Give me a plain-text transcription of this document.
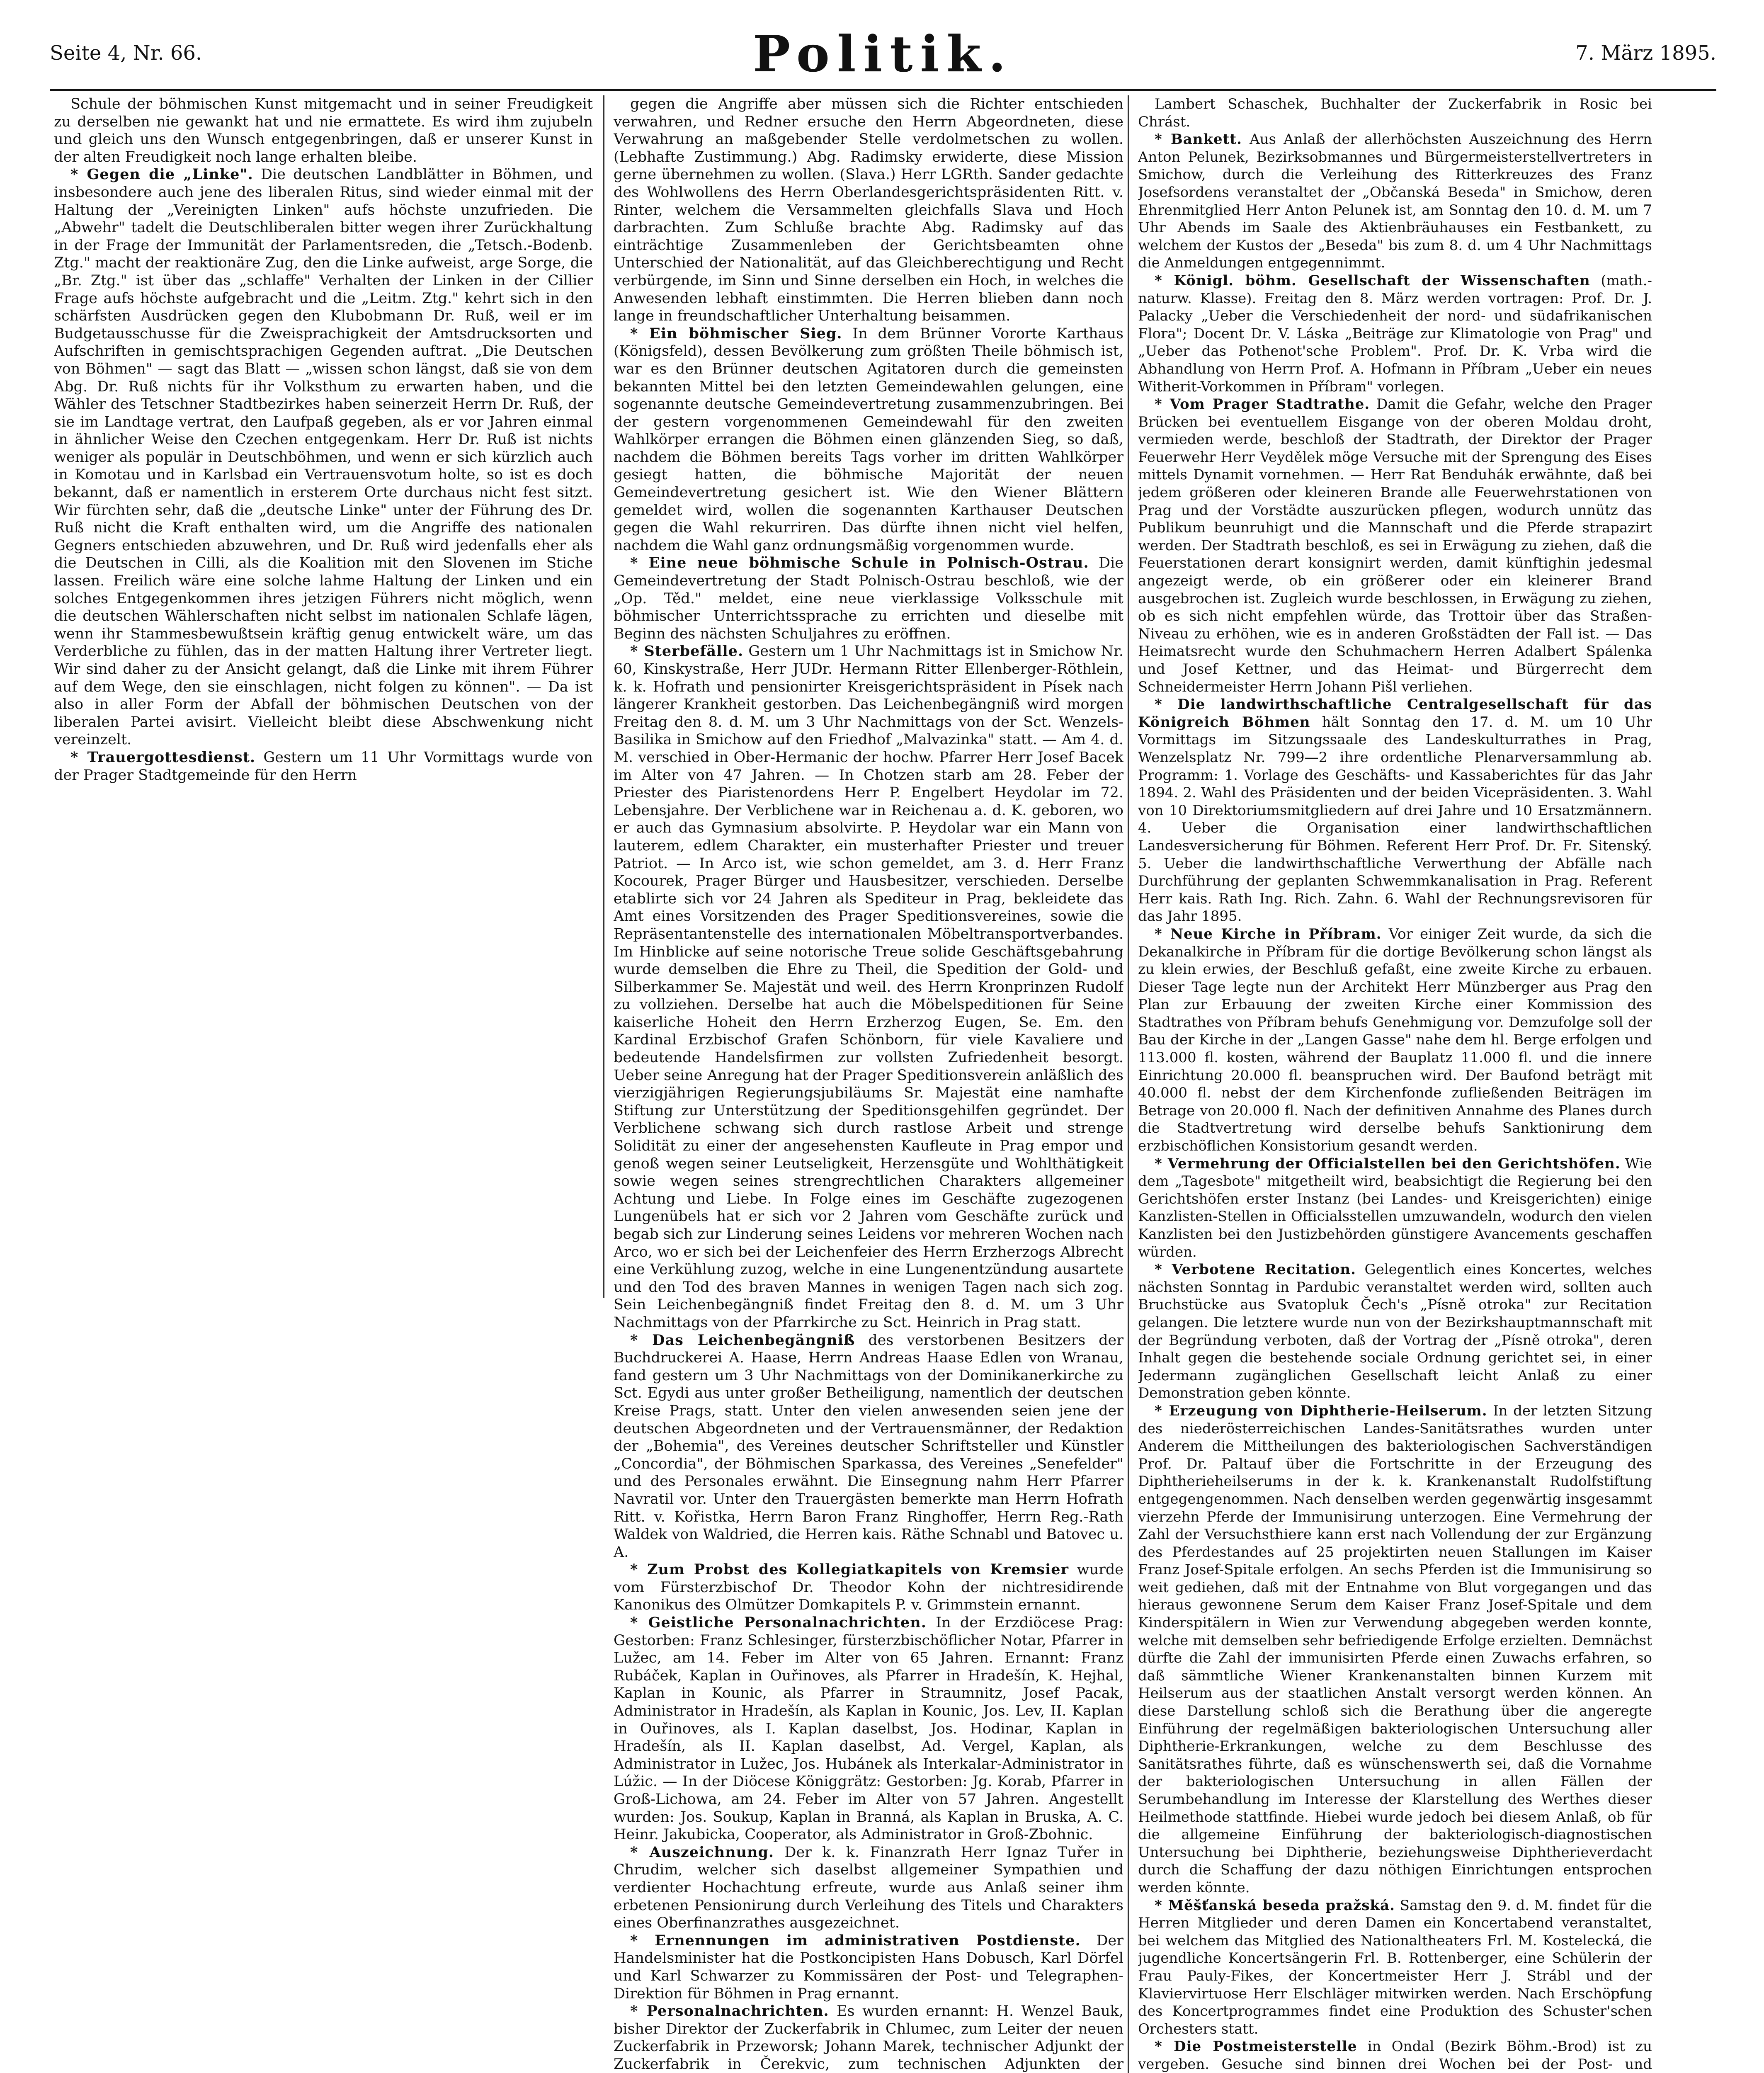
Seite 4, Nr. 66.	Politik.	7. März 1895.

Schule der böhmischen Kunst mitgemacht und in seiner Freudigkeit zu derselben nie gewankt hat und nie ermattete. Es wird ihm zujubeln und gleich uns den Wunsch entgegenbringen, daß er unserer Kunst in der alten Freudigkeit noch lange erhalten bleibe.

* Gegen die „Linke". Die deutschen Landblätter in Böhmen, und insbesondere auch jene des liberalen Ritus, sind wieder einmal mit der Haltung der „Vereinigten Linken" aufs höchste unzufrieden. Die „Abwehr" tadelt die Deutschliberalen bitter wegen ihrer Zurückhaltung in der Frage der Immunität der Parlamentsreden, die „Tetsch.-Bodenb. Ztg." macht der reaktionäre Zug, den die Linke aufweist, arge Sorge, die „Br. Ztg." ist über das „schlaffe" Verhalten der Linken in der Cillier Frage aufs höchste aufgebracht und die „Leitm. Ztg." kehrt sich in den schärfsten Ausdrücken gegen den Klubobmann Dr. Ruß, weil er im Budgetausschusse für die Zweisprachigkeit der Amtsdrucksorten und Aufschriften in gemischtsprachigen Gegenden auftrat. „Die Deutschen von Böhmen" — sagt das Blatt — „wissen schon längst, daß sie von dem Abg. Dr. Ruß nichts für ihr Volksthum zu erwarten haben, und die Wähler des Tetschner Stadtbezirkes haben seinerzeit Herrn Dr. Ruß, der sie im Landtage vertrat, den Laufpaß gegeben, als er vor Jahren einmal in ähnlicher Weise den Czechen entgegenkam. Herr Dr. Ruß ist nichts weniger als populär in Deutschböhmen, und wenn er sich kürzlich auch in Komotau und in Karlsbad ein Vertrauensvotum holte, so ist es doch bekannt, daß er namentlich in ersterem Orte durchaus nicht fest sitzt. Wir fürchten sehr, daß die „deutsche Linke" unter der Führung des Dr. Ruß nicht die Kraft enthalten wird, um die Angriffe des nationalen Gegners entschieden abzuwehren, und Dr. Ruß wird jedenfalls eher als die Deutschen in Cilli, als die Koalition mit den Slovenen im Stiche lassen. Freilich wäre eine solche lahme Haltung der Linken und ein solches Entgegenkommen ihres jetzigen Führers nicht möglich, wenn die deutschen Wählerschaften nicht selbst im nationalen Schlafe lägen, wenn ihr Stammesbewußtsein kräftig genug entwickelt wäre, um das Verderbliche zu fühlen, das in der matten Haltung ihrer Vertreter liegt. Wir sind daher zu der Ansicht gelangt, daß die Linke mit ihrem Führer auf dem Wege, den sie einschlagen, nicht folgen zu können". — Da ist also in aller Form der Abfall der böhmischen Deutschen von der liberalen Partei avisirt. Vielleicht bleibt diese Abschwenkung nicht vereinzelt.

* Trauergottesdienst. Gestern um 11 Uhr Vormittags wurde von der Prager Stadtgemeinde für den Herrn

gegen die Angriffe aber müssen sich die Richter entschieden verwahren, und Redner ersuche den Herrn Abgeordneten, diese Verwahrung an maßgebender Stelle verdolmetschen zu wollen. (Lebhafte Zustimmung.) Abg. Radimsky erwiderte, diese Mission gerne übernehmen zu wollen. (Slava.) Herr LGRth. Sander gedachte des Wohlwollens des Herrn Oberlandesgerichtspräsidenten Ritt. v. Rinter, welchem die Versammelten gleichfalls Slava und Hoch darbrachten. Zum Schluße brachte Abg. Radimsky auf das einträchtige Zusammenleben der Gerichtsbeamten ohne Unterschied der Nationalität, auf das Gleichberechtigung und Recht verbürgende, im Sinn und Sinne derselben ein Hoch, in welches die Anwesenden lebhaft einstimmten. Die Herren blieben dann noch lange in freundschaftlicher Unterhaltung beisammen.

* Ein böhmischer Sieg. In dem Brünner Vororte Karthaus (Königsfeld), dessen Bevölkerung zum größten Theile böhmisch ist, war es den Brünner deutschen Agitatoren durch die gemeinsten bekannten Mittel bei den letzten Gemeindewahlen gelungen, eine sogenannte deutsche Gemeindevertretung zusammenzubringen. Bei der gestern vorgenommenen Gemeindewahl für den zweiten Wahlkörper errangen die Böhmen einen glänzenden Sieg, so daß, nachdem die Böhmen bereits Tags vorher im dritten Wahlkörper gesiegt hatten, die böhmische Majorität der neuen Gemeindevertretung gesichert ist. Wie den Wiener Blättern gemeldet wird, wollen die sogenannten Karthauser Deutschen gegen die Wahl rekurriren. Das dürfte ihnen nicht viel helfen, nachdem die Wahl ganz ordnungsmäßig vorgenommen wurde.

* Eine neue böhmische Schule in Polnisch-Ostrau. Die Gemeindevertretung der Stadt Polnisch-Ostrau beschloß, wie der „Op. Těd." meldet, eine neue vierklassige Volksschule mit böhmischer Unterrichtssprache zu errichten und dieselbe mit Beginn des nächsten Schuljahres zu eröffnen.

* Sterbefälle. Gestern um 1 Uhr Nachmittags ist in Smichow Nr. 60, Kinskystraße, Herr JUDr. Hermann Ritter Ellenberger-Röthlein, k. k. Hofrath und pensionirter Kreisgerichtspräsident in Písek nach längerer Krankheit gestorben. Das Leichenbegängniß wird morgen Freitag den 8. d. M. um 3 Uhr Nachmittags von der Sct. Wenzels-Basilika in Smichow auf den Friedhof „Malvazinka" statt. — Am 4. d. M. verschied in Ober-Hermanic der hochw. Pfarrer Herr Josef Bacek im Alter von 47 Jahren. — In Chotzen starb am 28. Feber der Priester des Piaristenordens Herr P. Engelbert Heydolar im 72. Lebensjahre. Der Verblichene war in Reichenau a. d. K. geboren, wo er auch das Gymnasium absolvirte. P. Heydolar war ein Mann von lauterem, edlem Charakter, ein musterhafter Priester und treuer Patriot. — In Arco ist, wie schon gemeldet, am 3. d. Herr Franz Kocourek, Prager Bürger und Hausbesitzer, verschieden. Derselbe etablirte sich vor 24 Jahren als Spediteur in Prag, bekleidete das Amt eines Vorsitzenden des Prager Speditionsvereines, sowie die Repräsentantenstelle des internationalen Möbeltransportverbandes. Im Hinblicke auf seine notorische Treue solide Geschäftsgebahrung wurde demselben die Ehre zu Theil, die Spedition der Gold- und Silberkammer Se. Majestät und weil. des Herrn Kronprinzen Rudolf zu vollziehen. Derselbe hat auch die Möbelspeditionen für Seine kaiserliche Hoheit den Herrn Erzherzog Eugen, Se. Em. den Kardinal Erzbischof Grafen Schönborn, für viele Kavaliere und bedeutende Handelsfirmen zur vollsten Zufriedenheit besorgt. Ueber seine Anregung hat der Prager Speditionsverein anläßlich des vierzigjährigen Regierungsjubiläums Sr. Majestät eine namhafte Stiftung zur Unterstützung der Speditionsgehilfen gegründet. Der Verblichene schwang sich durch rastlose Arbeit und strenge Solidität zu einer der angesehensten Kaufleute in Prag empor und genoß wegen seiner Leutseligkeit, Herzensgüte und Wohlthätigkeit sowie wegen seines strengrechtlichen Charakters allgemeiner Achtung und Liebe. In Folge eines im Geschäfte zugezogenen Lungenübels hat er sich vor 2 Jahren vom Geschäfte zurück und begab sich zur Linderung seines Leidens vor mehreren Wochen nach Arco, wo er sich bei der Leichenfeier des Herrn Erzherzogs Albrecht eine Verkühlung zuzog, welche in eine Lungenentzündung ausartete und den Tod des braven Mannes in wenigen Tagen nach sich zog. Sein Leichenbegängniß findet Freitag den 8. d. M. um 3 Uhr Nachmittags von der Pfarrkirche zu Sct. Heinrich in Prag statt.

* Das Leichenbegängniß des verstorbenen Besitzers der Buchdruckerei A. Haase, Herrn Andreas Haase Edlen von Wranau, fand gestern um 3 Uhr Nachmittags von der Dominikanerkirche zu Sct. Egydi aus unter großer Betheiligung, namentlich der deutschen Kreise Prags, statt. Unter den vielen anwesenden seien jene der deutschen Abgeordneten und der Vertrauensmänner, der Redaktion der „Bohemia", des Vereines deutscher Schriftsteller und Künstler „Concordia", der Böhmischen Sparkassa, des Vereines „Senefelder" und des Personales erwähnt. Die Einsegnung nahm Herr Pfarrer Navratil vor. Unter den Trauergästen bemerkte man Herrn Hofrath Ritt. v. Kořistka, Herrn Baron Franz Ringhoffer, Herrn Reg.-Rath Waldek von Waldried, die Herren kais. Räthe Schnabl und Batovec u. A.

* Zum Probst des Kollegiatkapitels von Kremsier wurde vom Fürsterzbischof Dr. Theodor Kohn der nichtresidirende Kanonikus des Olmützer Domkapitels P. v. Grimmstein ernannt.

* Geistliche Personalnachrichten. In der Erzdiöcese Prag: Gestorben: Franz Schlesinger, fürsterzbischöflicher Notar, Pfarrer in Lužec, am 14. Feber im Alter von 65 Jahren. Ernannt: Franz Rubáček, Kaplan in Ouřinoves, als Pfarrer in Hradešín, K. Hejhal, Kaplan in Kounic, als Pfarrer in Straumnitz, Josef Pacak, Administrator in Hradešín, als Kaplan in Kounic, Jos. Lev, II. Kaplan in Ouřinoves, als I. Kaplan daselbst, Jos. Hodinar, Kaplan in Hradešín, als II. Kaplan daselbst, Ad. Vergel, Kaplan, als Administrator in Lužec, Jos. Hubánek als Interkalar-Administrator in Lúžic. — In der Diöcese Königgrätz: Gestorben: Jg. Korab, Pfarrer in Groß-Lichowa, am 24. Feber im Alter von 57 Jahren. Angestellt wurden: Jos. Soukup, Kaplan in Branná, als Kaplan in Bruska, A. C. Heinr. Jakubicka, Cooperator, als Administrator in Groß-Zbohnic.

* Auszeichnung. Der k. k. Finanzrath Herr Ignaz Tuřer in Chrudim, welcher sich daselbst allgemeiner Sympathien und verdienter Hochachtung erfreute, wurde aus Anlaß seiner ihm erbetenen Pensionirung durch Verleihung des Titels und Charakters eines Oberfinanzrathes ausgezeichnet.

* Ernennungen im administrativen Postdienste. Der Handelsminister hat die Postkoncipisten Hans Dobusch, Karl Dörfel und Karl Schwarzer zu Kommissären der Post- und Telegraphen-Direktion für Böhmen in Prag ernannt.

* Personalnachrichten. Es wurden ernannt: H. Wenzel Bauk, bisher Direktor der Zuckerfabrik in Chlumec, zum Leiter der neuen Zuckerfabrik in Przeworsk; Johann Marek, technischer Adjunkt der Zuckerfabrik in Čerekvic, zum technischen Adjunkten der

Lambert Schaschek, Buchhalter der Zuckerfabrik in Rosic bei Chrást.

* Bankett. Aus Anlaß der allerhöchsten Auszeichnung des Herrn Anton Pelunek, Bezirksobmannes und Bürgermeisterstellvertreters in Smichow, durch die Verleihung des Ritterkreuzes des Franz Josefsordens veranstaltet der „Občanská Beseda" in Smichow, deren Ehrenmitglied Herr Anton Pelunek ist, am Sonntag den 10. d. M. um 7 Uhr Abends im Saale des Aktienbräuhauses ein Festbankett, zu welchem der Kustos der „Beseda" bis zum 8. d. um 4 Uhr Nachmittags die Anmeldungen entgegennimmt.

* Königl. böhm. Gesellschaft der Wissenschaften (math.-naturw. Klasse). Freitag den 8. März werden vortragen: Prof. Dr. J. Palacky „Ueber die Verschiedenheit der nord- und südafrikanischen Flora"; Docent Dr. V. Láska „Beiträge zur Klimatologie von Prag" und „Ueber das Pothenot'sche Problem". Prof. Dr. K. Vrba wird die Abhandlung von Herrn Prof. A. Hofmann in Příbram „Ueber ein neues Witherit-Vorkommen in Příbram" vorlegen.

* Vom Prager Stadtrathe. Damit die Gefahr, welche den Prager Brücken bei eventuellem Eisgange von der oberen Moldau droht, vermieden werde, beschloß der Stadtrath, der Direktor der Prager Feuerwehr Herr Veydělek möge Versuche mit der Sprengung des Eises mittels Dynamit vornehmen. — Herr Rat Benduhák erwähnte, daß bei jedem größeren oder kleineren Brande alle Feuerwehrstationen von Prag und der Vorstädte auszurücken pflegen, wodurch unnütz das Publikum beunruhigt und die Mannschaft und die Pferde strapazirt werden. Der Stadtrath beschloß, es sei in Erwägung zu ziehen, daß die Feuerstationen derart konsignirt werden, damit künftighin jedesmal angezeigt werde, ob ein größerer oder ein kleinerer Brand ausgebrochen ist. Zugleich wurde beschlossen, in Erwägung zu ziehen, ob es sich nicht empfehlen würde, das Trottoir über das Straßen-Niveau zu erhöhen, wie es in anderen Großstädten der Fall ist. — Das Heimatsrecht wurde den Schuhmachern Herren Adalbert Spálenka und Josef Kettner, und das Heimat- und Bürgerrecht dem Schneidermeister Herrn Johann Pišl verliehen.

* Die landwirthschaftliche Centralgesellschaft für das Königreich Böhmen hält Sonntag den 17. d. M. um 10 Uhr Vormittags im Sitzungssaale des Landeskulturrathes in Prag, Wenzelsplatz Nr. 799—2 ihre ordentliche Plenarversammlung ab. Programm: 1. Vorlage des Geschäfts- und Kassaberichtes für das Jahr 1894. 2. Wahl des Präsidenten und der beiden Vicepräsidenten. 3. Wahl von 10 Direktoriumsmitgliedern auf drei Jahre und 10 Ersatzmännern. 4. Ueber die Organisation einer landwirthschaftlichen Landesversicherung für Böhmen. Referent Herr Prof. Dr. Fr. Sitenský. 5. Ueber die landwirthschaftliche Verwerthung der Abfälle nach Durchführung der geplanten Schwemmkanalisation in Prag. Referent Herr kais. Rath Ing. Rich. Zahn. 6. Wahl der Rechnungsrevisoren für das Jahr 1895.

* Neue Kirche in Příbram. Vor einiger Zeit wurde, da sich die Dekanalkirche in Příbram für die dortige Bevölkerung schon längst als zu klein erwies, der Beschluß gefaßt, eine zweite Kirche zu erbauen. Dieser Tage legte nun der Architekt Herr Münzberger aus Prag den Plan zur Erbauung der zweiten Kirche einer Kommission des Stadtrathes von Příbram behufs Genehmigung vor. Demzufolge soll der Bau der Kirche in der „Langen Gasse" nahe dem hl. Berge erfolgen und 113.000 fl. kosten, während der Bauplatz 11.000 fl. und die innere Einrichtung 20.000 fl. beanspruchen wird. Der Baufond beträgt mit 40.000 fl. nebst der dem Kirchenfonde zufließenden Beiträgen im Betrage von 20.000 fl. Nach der definitiven Annahme des Planes durch die Stadtvertretung wird derselbe behufs Sanktionirung dem erzbischöflichen Konsistorium gesandt werden.

* Vermehrung der Officialstellen bei den Gerichtshöfen. Wie dem „Tagesbote" mitgetheilt wird, beabsichtigt die Regierung bei den Gerichtshöfen erster Instanz (bei Landes- und Kreisgerichten) einige Kanzlisten-Stellen in Officialsstellen umzuwandeln, wodurch den vielen Kanzlisten bei den Justizbehörden günstigere Avancements geschaffen würden.

* Verbotene Recitation. Gelegentlich eines Koncertes, welches nächsten Sonntag in Pardubic veranstaltet werden wird, sollten auch Bruchstücke aus Svatopluk Čech's „Písně otroka" zur Recitation gelangen. Die letztere wurde nun von der Bezirkshauptmannschaft mit der Begründung verboten, daß der Vortrag der „Písně otroka", deren Inhalt gegen die bestehende sociale Ordnung gerichtet sei, in einer Jedermann zugänglichen Gesellschaft leicht Anlaß zu einer Demonstration geben könnte.

* Erzeugung von Diphtherie-Heilserum. In der letzten Sitzung des niederösterreichischen Landes-Sanitätsrathes wurden unter Anderem die Mittheilungen des bakteriologischen Sachverständigen Prof. Dr. Paltauf über die Fortschritte in der Erzeugung des Diphtherieheilserums in der k. k. Krankenanstalt Rudolfstiftung entgegengenommen. Nach denselben werden gegenwärtig insgesammt vierzehn Pferde der Immunisirung unterzogen. Eine Vermehrung der Zahl der Versuchsthiere kann erst nach Vollendung der zur Ergänzung des Pferdestandes auf 25 projektirten neuen Stallungen im Kaiser Franz Josef-Spitale erfolgen. An sechs Pferden ist die Immunisirung so weit gediehen, daß mit der Entnahme von Blut vorgegangen und das hieraus gewonnene Serum dem Kaiser Franz Josef-Spitale und dem Kinderspitälern in Wien zur Verwendung abgegeben werden konnte, welche mit demselben sehr befriedigende Erfolge erzielten. Demnächst dürfte die Zahl der immunisirten Pferde einen Zuwachs erfahren, so daß sämmtliche Wiener Krankenanstalten binnen Kurzem mit Heilserum aus der staatlichen Anstalt versorgt werden können. An diese Darstellung schloß sich die Berathung über die angeregte Einführung der regelmäßigen bakteriologischen Untersuchung aller Diphtherie-Erkrankungen, welche zu dem Beschlusse des Sanitätsrathes führte, daß es wünschenswerth sei, daß die Vornahme der bakteriologischen Untersuchung in allen Fällen der Serumbehandlung im Interesse der Klarstellung des Werthes dieser Heilmethode stattfinde. Hiebei wurde jedoch bei diesem Anlaß, ob für die allgemeine Einführung der bakteriologisch-diagnostischen Untersuchung bei Diphtherie, beziehungsweise Diphtherieverdacht durch die Schaffung der dazu nöthigen Einrichtungen entsprochen werden könnte.

* Měšťanská beseda pražská. Samstag den 9. d. M. findet für die Herren Mitglieder und deren Damen ein Koncertabend veranstaltet, bei welchem das Mitglied des Nationaltheaters Frl. M. Kostelecká, die jugendliche Koncertsängerin Frl. B. Rottenberger, eine Schülerin der Frau Pauly-Fikes, der Koncertmeister Herr J. Strábl und der Klaviervirtuose Herr Elschläger mitwirken werden. Nach Erschöpfung des Koncertprogrammes findet eine Produktion des Schuster'schen Orchesters statt.

* Die Postmeisterstelle in Ondal (Bezirk Böhm.-Brod) ist zu vergeben. Gesuche sind binnen drei Wochen bei der Post- und
